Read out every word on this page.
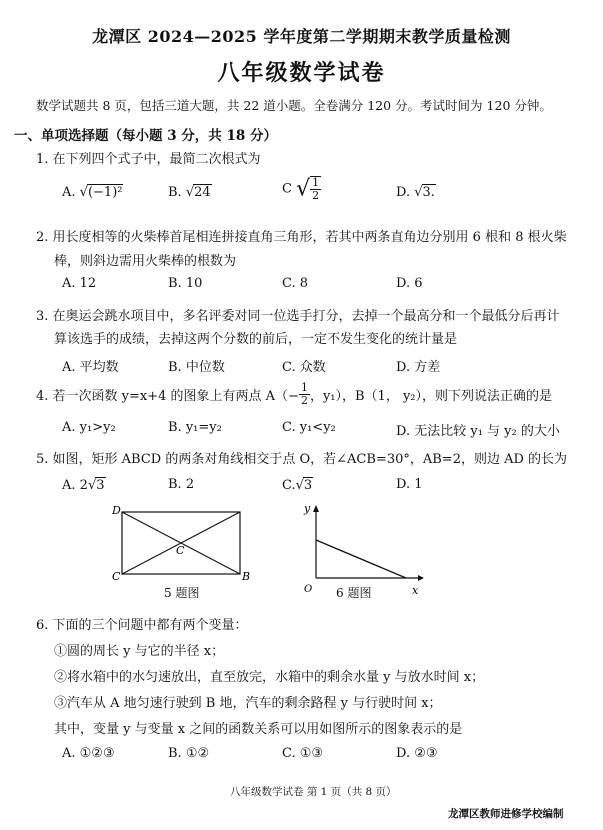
龙潭区 2024—2025 学年度第二学期期末教学质量检测
八年级数学试卷
数学试题共 8 页，包括三道大题，共 22 道小题。全卷满分 120 分。考试时间为 120 分钟。
一、单项选择题（每小题 3 分，共 18 分）
1. 在下列四个式子中，最简二次根式为
A. √(−1)²	B. √24	C √ $\frac{1}{2}$	D. √3.
2. 用长度相等的火柴棒首尾相连拼接直角三角形，若其中两条直角边分别用 6 根和 8 根火柴
棒，则斜边需用火柴棒的根数为
A. 12	B. 10	C. 8	D. 6
3. 在奥运会跳水项目中，多名评委对同一位选手打分，去掉一个最高分和一个最低分后再计
算该选手的成绩，去掉这两个分数的前后，一定不发生变化的统计量是
A. 平均数	B. 中位数	C. 众数	D. 方差
4. 若一次函数 y=x+4 的图象上有两点 $A(- \frac{1}{2}$ ，y₁），B（1， y₂），则下列说法正确的是
A. y₁>y₂	B. y₁=y₂	C. y₁<y₂	D. 无法比较 y₁ 与 y₂ 的大小
5. 如图，矩形 ABCD 的两条对角线相交于点 O，若∠ACB=30°，AB=2，则边 AD 的长为
A. 2√3	B. 2	C.√3	D. 1
D
C	B
C
5 题图
y
O	x
6 题图
6. 下面的三个问题中都有两个变量：
①圆的周长 y 与它的半径 x；
②将水箱中的水匀速放出，直至放完，水箱中的剩余水量 y 与放水时间 x；
③汽车从 A 地匀速行驶到 B 地，汽车的剩余路程 y 与行驶时间 x；
其中，变量 y 与变量 x 之间的函数关系可以用如图所示的图象表示的是
A. ①②③	B. ①②	C. ①③	D. ②③
八年级数学试卷 第 1 页（共 8 页）
龙潭区教师进修学校编制
